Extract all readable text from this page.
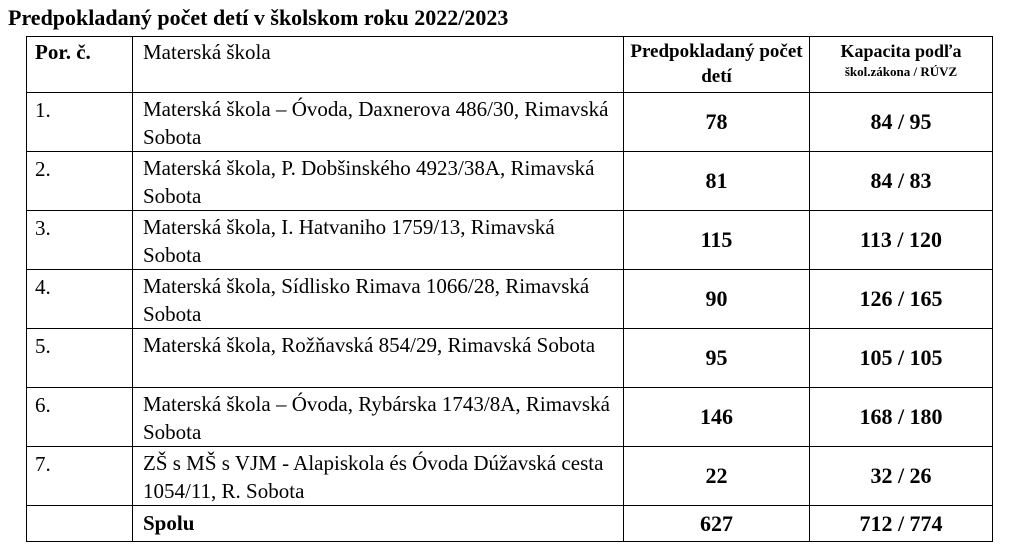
Predpokladaný počet detí v školskom roku 2022/2023
Por. č.	Materská škola	Predpokladaný počet detí	Kapacita podľa
škol.zákona / RÚVZ

1.	Materská škola – Óvoda, Daxnerova 486/30, Rimavská Sobota	78	84 / 95
2.	Materská škola, P. Dobšinského 4923/38A, Rimavská Sobota	81	84 / 83
3.	Materská škola, I. Hatvaniho 1759/13, Rimavská Sobota	115	113 / 120
4.	Materská škola, Sídlisko Rimava 1066/28, Rimavská Sobota	90	126 / 165
5.	Materská škola, Rožňavská 854/29, Rimavská Sobota	95	105 / 105
6.	Materská škola – Óvoda, Rybárska 1743/8A, Rimavská Sobota	146	168 / 180
7.	ZŠ s MŠ s VJM - Alapiskola és Óvoda Dúžavská cesta 1054/11, R. Sobota	22	32 / 26
	Spolu	627	712 / 774
